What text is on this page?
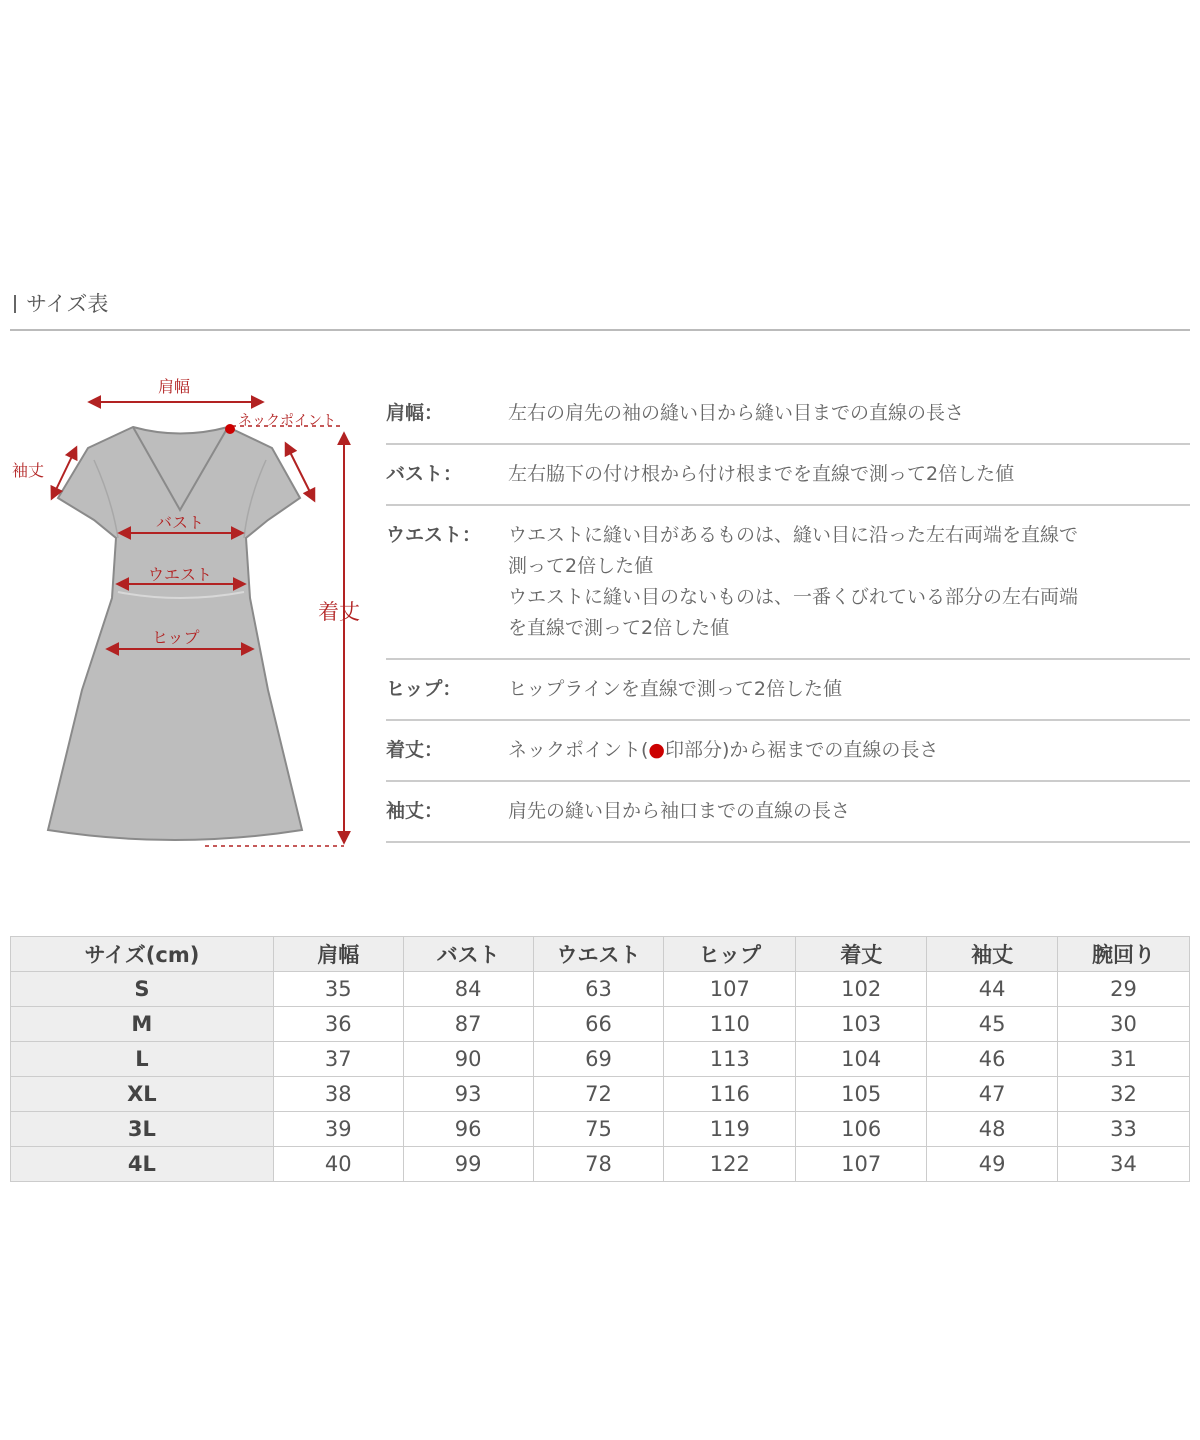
サイズ表
肩幅
ネックポイント
袖丈
バスト
ウエスト
ヒップ
着丈
肩幅：	左右の肩先の袖の縫い目から縫い目までの直線の長さ
バスト：	左右脇下の付け根から付け根までを直線で測って2倍した値
ウエスト：	ウエストに縫い目があるものは、縫い目に沿った左右両端を直線で
測って2倍した値
ウエストに縫い目のないものは、一番くびれている部分の左右両端
を直線で測って2倍した値
ヒップ：	ヒップラインを直線で測って2倍した値
着丈：	ネックポイント(●印部分)から裾までの直線の長さ
袖丈：	肩先の縫い目から袖口までの直線の長さ
サイズ(cm)	肩幅	バスト	ウエスト	ヒップ	着丈	袖丈	腕回り
S	35	84	63	107	102	44	29
M	36	87	66	110	103	45	30
L	37	90	69	113	104	46	31
XL	38	93	72	116	105	47	32
3L	39	96	75	119	106	48	33
4L	40	99	78	122	107	49	34
